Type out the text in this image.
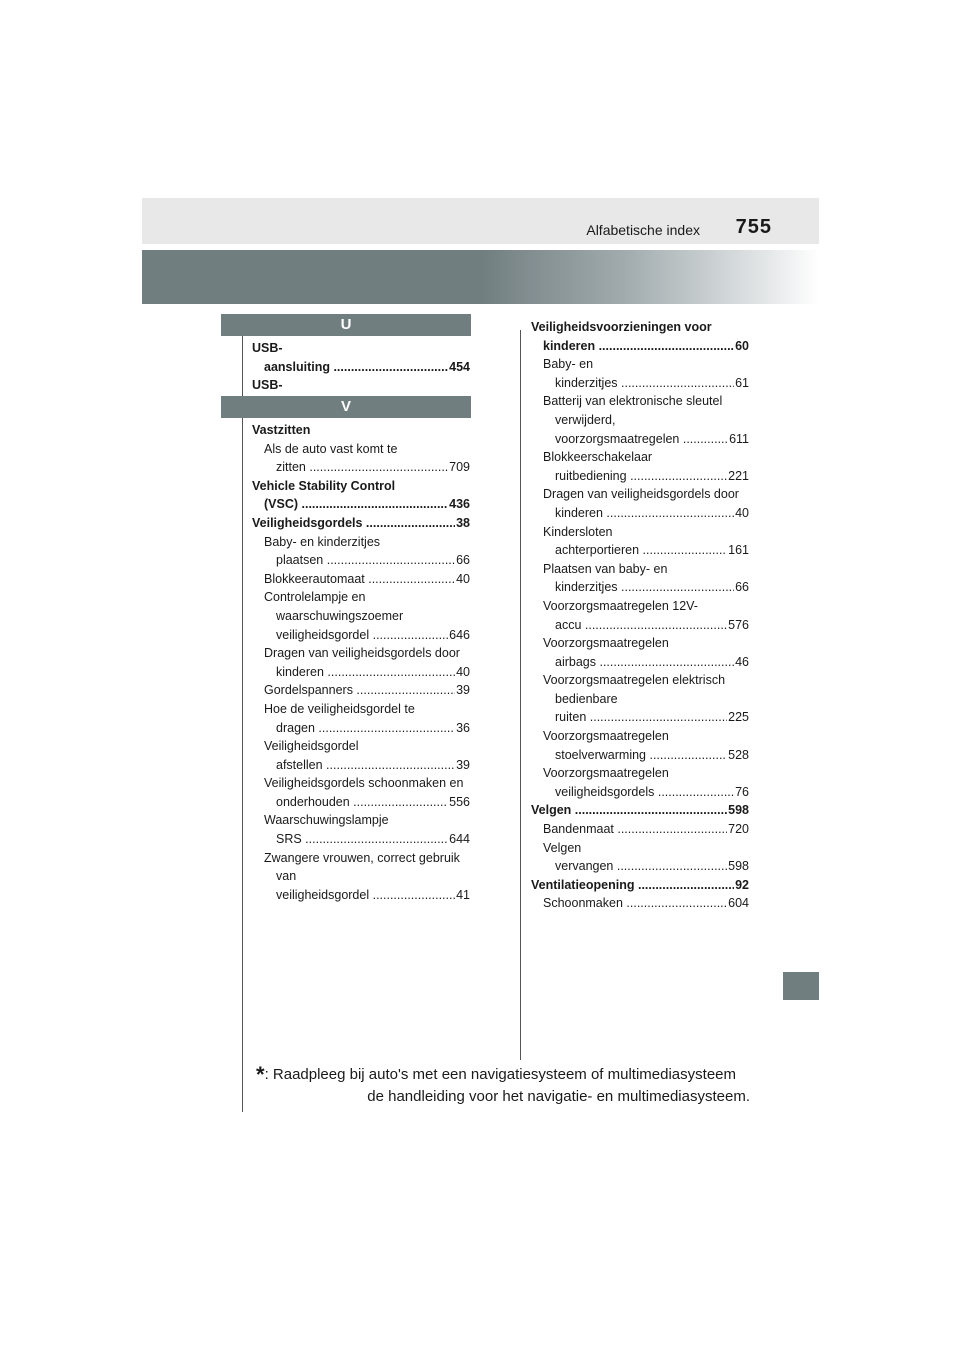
Alfabetische index 755
U
USB-aansluiting .....	454
USB- .....
V
Vastzitten
Als de auto vast komt te zitten .....	709
Vehicle Stability Control (VSC) .....	436
Veiligheidsgordels .....	38
Baby- en kinderzitjes plaatsen .....	66
Blokkeerautomaat .....	40
Controlelampje en waarschuwingszoemer veiligheidsgordel .....	646
Dragen van veiligheidsgordels door kinderen .....	40
Gordelspanners .....	39
Hoe de veiligheidsgordel te dragen .....	36
Veiligheidsgordel afstellen .....	39
Veiligheidsgordels schoonmaken en onderhouden .....	556
Waarschuwingslampje SRS .....	644
Zwangere vrouwen, correct gebruik van veiligheidsgordel .....	41
Veiligheidsvoorzieningen voor kinderen .....	60
Baby- en kinderzitjes .....	61
Batterij van elektronische sleutel verwijderd, voorzorgsmaatregelen .....	611
Blokkeerschakelaar ruitbediening .....	221
Dragen van veiligheidsgordels door kinderen .....	40
Kindersloten achterportieren .....	161
Plaatsen van baby- en kinderzitjes .....	66
Voorzorgsmaatregelen 12V-accu .....	576
Voorzorgsmaatregelen airbags .....	46
Voorzorgsmaatregelen elektrisch bedienbare ruiten .....	225
Voorzorgsmaatregelen stoelverwarming .....	528
Voorzorgsmaatregelen veiligheidsgordels .....	76
Velgen .....	598
Bandenmaat .....	720
Velgen vervangen .....	598
Ventilatieopening .....	92
Schoonmaken .....	604
*: Raadpleeg bij auto's met een navigatiesysteem of multimediasysteem
de handleiding voor het navigatie- en multimediasysteem.
